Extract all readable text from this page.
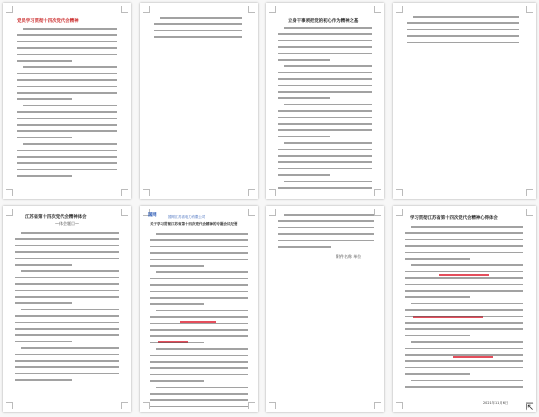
党员学习贯彻十四次党代会精神	立身干事须把党的初心作为精神之基
江苏省第十四次党代会精神体会
—体会题目—
国网	国网江苏省电力有限公司
关于学习贯彻江苏省第十四次党代会精神的专题会议纪要
附件名称 单位
学习贯彻江苏省第十四次党代会精神心得体会
2021年11月6日 ⇱
